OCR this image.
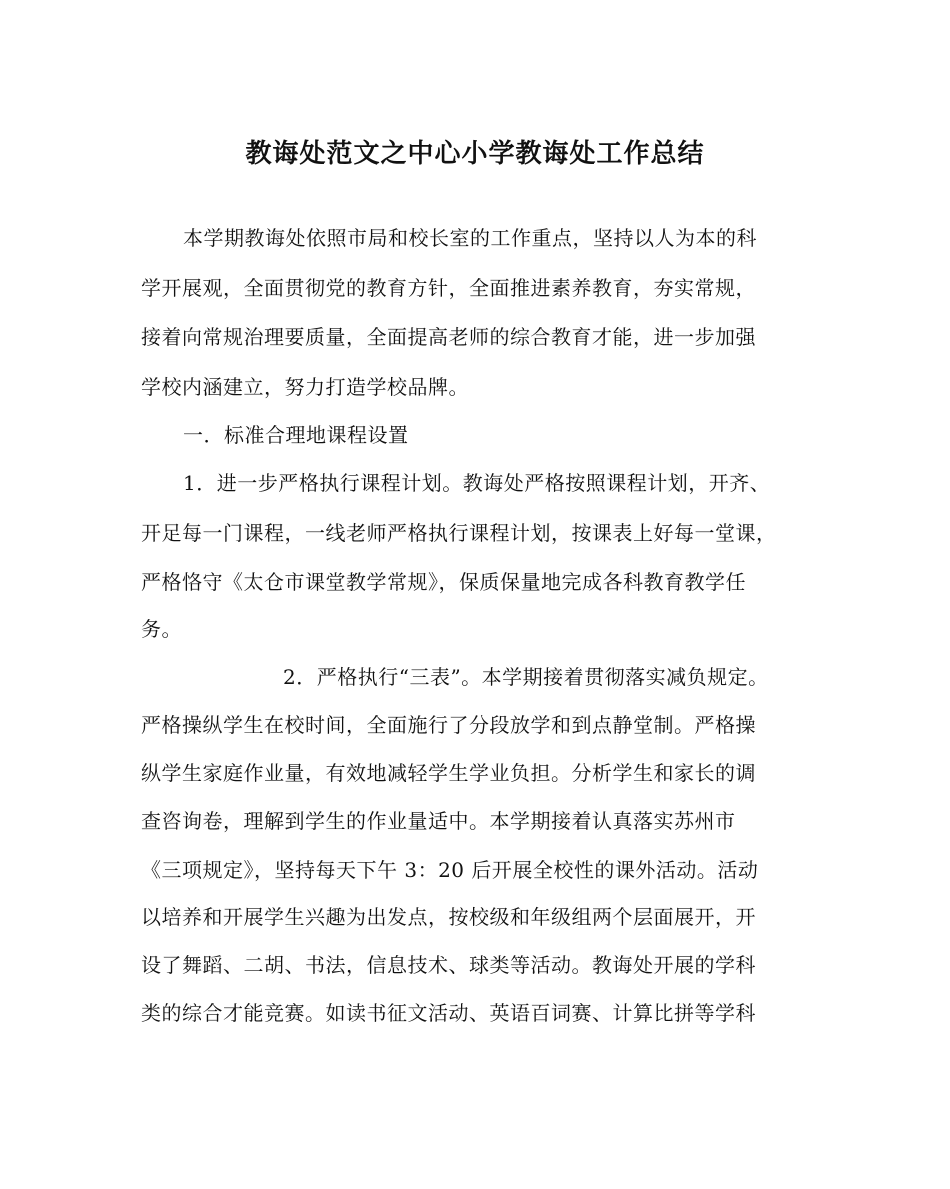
教诲处范文之中心小学教诲处工作总结
本学期教诲处依照市局和校长室的工作重点，坚持以人为本的科
学开展观，全面贯彻党的教育方针，全面推进素养教育，夯实常规，
接着向常规治理要质量，全面提高老师的综合教育才能，进一步加强
学校内涵建立，努力打造学校品牌。
一．标准合理地课程设置
1．进一步严格执行课程计划。教诲处严格按照课程计划，开齐、
开足每一门课程，一线老师严格执行课程计划，按课表上好每一堂课，
严格恪守《太仓市课堂教学常规》，保质保量地完成各科教育教学任
务。
2．严格执行“三表”。本学期接着贯彻落实减负规定。
严格操纵学生在校时间，全面施行了分段放学和到点静堂制。严格操
纵学生家庭作业量，有效地减轻学生学业负担。分析学生和家长的调
查咨询卷，理解到学生的作业量适中。本学期接着认真落实苏州市
《三项规定》，坚持每天下午 3：20 后开展全校性的课外活动。活动
以培养和开展学生兴趣为出发点，按校级和年级组两个层面展开，开
设了舞蹈、二胡、书法，信息技术、球类等活动。教诲处开展的学科
类的综合才能竞赛。如读书征文活动、英语百词赛、计算比拼等学科
